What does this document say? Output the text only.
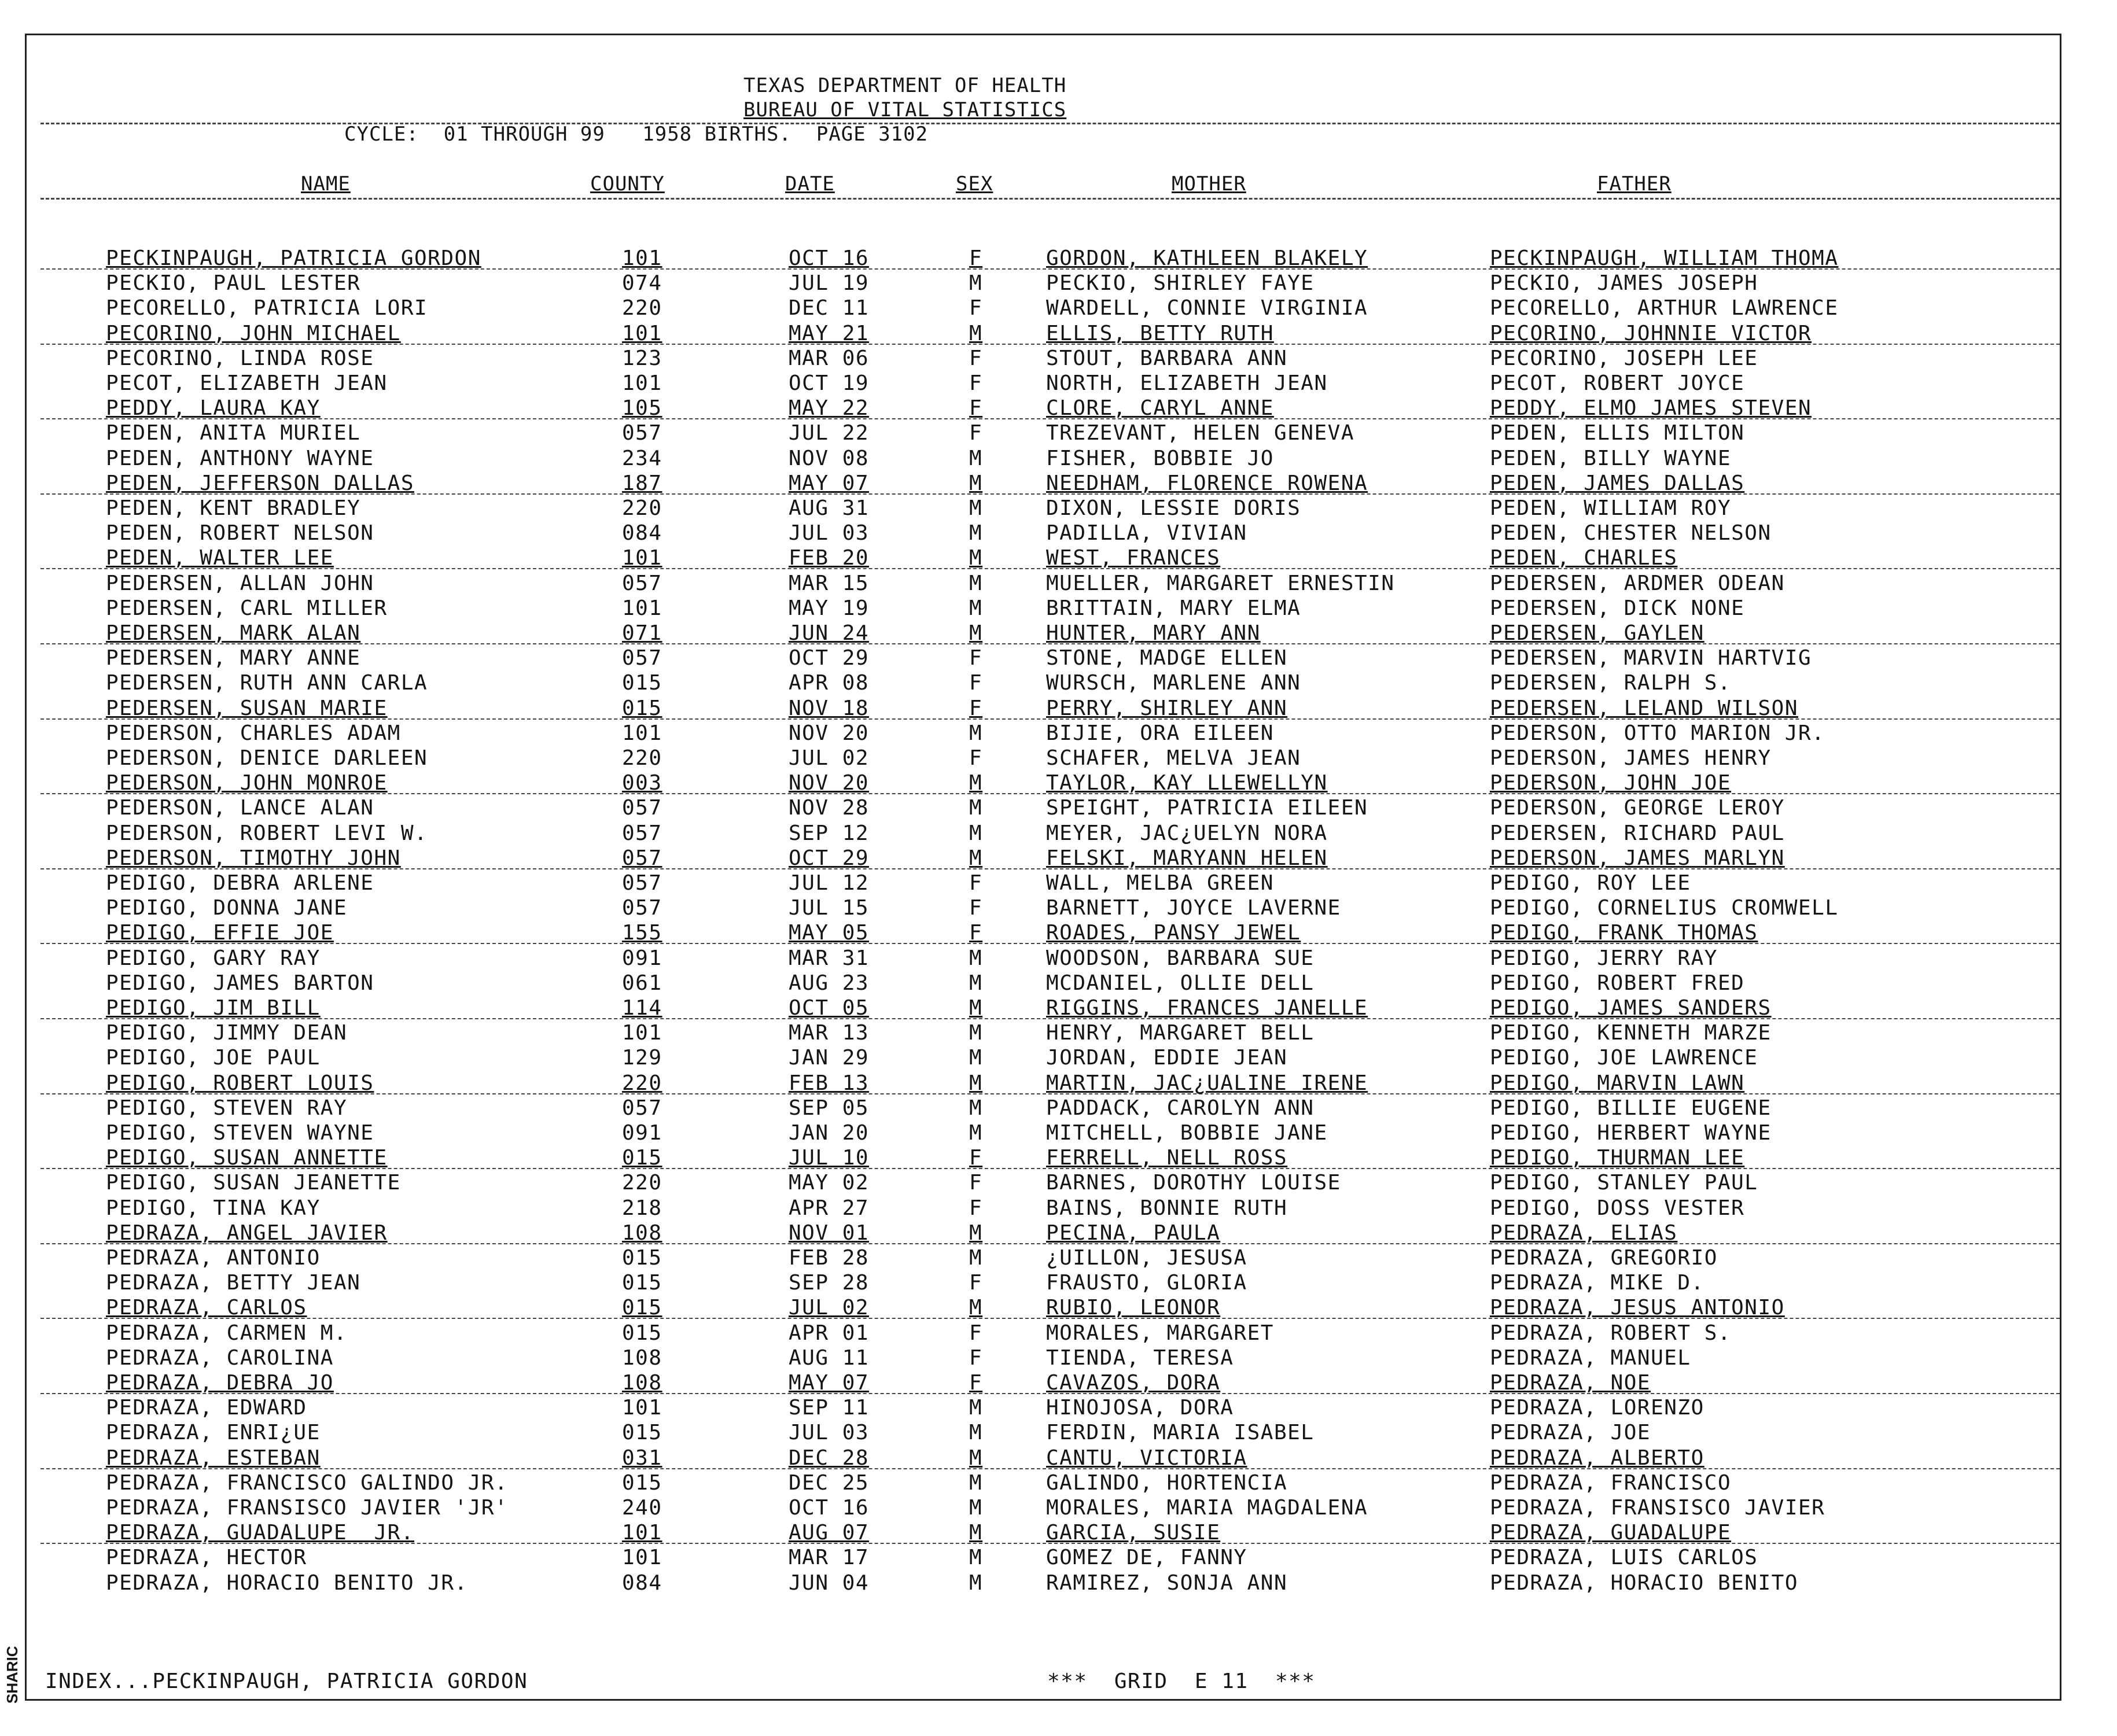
TEXAS DEPARTMENT OF HEALTH
BUREAU OF VITAL STATISTICS
CYCLE:  01 THROUGH 99   1958 BIRTHS.  PAGE 3102
NAME	COUNTY	DATE	SEX	MOTHER	FATHER
PECKINPAUGH, PATRICIA GORDON	101	OCT 16	F	GORDON, KATHLEEN BLAKELY	PECKINPAUGH, WILLIAM THOMA
PECKIO, PAUL LESTER	074	JUL 19	M	PECKIO, SHIRLEY FAYE	PECKIO, JAMES JOSEPH
PECORELLO, PATRICIA LORI	220	DEC 11	F	WARDELL, CONNIE VIRGINIA	PECORELLO, ARTHUR LAWRENCE
PECORINO, JOHN MICHAEL	101	MAY 21	M	ELLIS, BETTY RUTH	PECORINO, JOHNNIE VICTOR
PECORINO, LINDA ROSE	123	MAR 06	F	STOUT, BARBARA ANN	PECORINO, JOSEPH LEE
PECOT, ELIZABETH JEAN	101	OCT 19	F	NORTH, ELIZABETH JEAN	PECOT, ROBERT JOYCE
PEDDY, LAURA KAY	105	MAY 22	F	CLORE, CARYL ANNE	PEDDY, ELMO JAMES STEVEN
PEDEN, ANITA MURIEL	057	JUL 22	F	TREZEVANT, HELEN GENEVA	PEDEN, ELLIS MILTON
PEDEN, ANTHONY WAYNE	234	NOV 08	M	FISHER, BOBBIE JO	PEDEN, BILLY WAYNE
PEDEN, JEFFERSON DALLAS	187	MAY 07	M	NEEDHAM, FLORENCE ROWENA	PEDEN, JAMES DALLAS
PEDEN, KENT BRADLEY	220	AUG 31	M	DIXON, LESSIE DORIS	PEDEN, WILLIAM ROY
PEDEN, ROBERT NELSON	084	JUL 03	M	PADILLA, VIVIAN	PEDEN, CHESTER NELSON
PEDEN, WALTER LEE	101	FEB 20	M	WEST, FRANCES	PEDEN, CHARLES
PEDERSEN, ALLAN JOHN	057	MAR 15	M	MUELLER, MARGARET ERNESTIN	PEDERSEN, ARDMER ODEAN
PEDERSEN, CARL MILLER	101	MAY 19	M	BRITTAIN, MARY ELMA	PEDERSEN, DICK NONE
PEDERSEN, MARK ALAN	071	JUN 24	M	HUNTER, MARY ANN	PEDERSEN, GAYLEN
PEDERSEN, MARY ANNE	057	OCT 29	F	STONE, MADGE ELLEN	PEDERSEN, MARVIN HARTVIG
PEDERSEN, RUTH ANN CARLA	015	APR 08	F	WURSCH, MARLENE ANN	PEDERSEN, RALPH S.
PEDERSEN, SUSAN MARIE	015	NOV 18	F	PERRY, SHIRLEY ANN	PEDERSEN, LELAND WILSON
PEDERSON, CHARLES ADAM	101	NOV 20	M	BIJIE, ORA EILEEN	PEDERSON, OTTO MARION JR.
PEDERSON, DENICE DARLEEN	220	JUL 02	F	SCHAFER, MELVA JEAN	PEDERSON, JAMES HENRY
PEDERSON, JOHN MONROE	003	NOV 20	M	TAYLOR, KAY LLEWELLYN	PEDERSON, JOHN JOE
PEDERSON, LANCE ALAN	057	NOV 28	M	SPEIGHT, PATRICIA EILEEN	PEDERSON, GEORGE LEROY
PEDERSON, ROBERT LEVI W.	057	SEP 12	M	MEYER, JAC¿UELYN NORA	PEDERSEN, RICHARD PAUL
PEDERSON, TIMOTHY JOHN	057	OCT 29	M	FELSKI, MARYANN HELEN	PEDERSON, JAMES MARLYN
PEDIGO, DEBRA ARLENE	057	JUL 12	F	WALL, MELBA GREEN	PEDIGO, ROY LEE
PEDIGO, DONNA JANE	057	JUL 15	F	BARNETT, JOYCE LAVERNE	PEDIGO, CORNELIUS CROMWELL
PEDIGO, EFFIE JOE	155	MAY 05	F	ROADES, PANSY JEWEL	PEDIGO, FRANK THOMAS
PEDIGO, GARY RAY	091	MAR 31	M	WOODSON, BARBARA SUE	PEDIGO, JERRY RAY
PEDIGO, JAMES BARTON	061	AUG 23	M	MCDANIEL, OLLIE DELL	PEDIGO, ROBERT FRED
PEDIGO, JIM BILL	114	OCT 05	M	RIGGINS, FRANCES JANELLE	PEDIGO, JAMES SANDERS
PEDIGO, JIMMY DEAN	101	MAR 13	M	HENRY, MARGARET BELL	PEDIGO, KENNETH MARZE
PEDIGO, JOE PAUL	129	JAN 29	M	JORDAN, EDDIE JEAN	PEDIGO, JOE LAWRENCE
PEDIGO, ROBERT LOUIS	220	FEB 13	M	MARTIN, JAC¿UALINE IRENE	PEDIGO, MARVIN LAWN
PEDIGO, STEVEN RAY	057	SEP 05	M	PADDACK, CAROLYN ANN	PEDIGO, BILLIE EUGENE
PEDIGO, STEVEN WAYNE	091	JAN 20	M	MITCHELL, BOBBIE JANE	PEDIGO, HERBERT WAYNE
PEDIGO, SUSAN ANNETTE	015	JUL 10	F	FERRELL, NELL ROSS	PEDIGO, THURMAN LEE
PEDIGO, SUSAN JEANETTE	220	MAY 02	F	BARNES, DOROTHY LOUISE	PEDIGO, STANLEY PAUL
PEDIGO, TINA KAY	218	APR 27	F	BAINS, BONNIE RUTH	PEDIGO, DOSS VESTER
PEDRAZA, ANGEL JAVIER	108	NOV 01	M	PECINA, PAULA	PEDRAZA, ELIAS
PEDRAZA, ANTONIO	015	FEB 28	M	¿UILLON, JESUSA	PEDRAZA, GREGORIO
PEDRAZA, BETTY JEAN	015	SEP 28	F	FRAUSTO, GLORIA	PEDRAZA, MIKE D.
PEDRAZA, CARLOS	015	JUL 02	M	RUBIO, LEONOR	PEDRAZA, JESUS ANTONIO
PEDRAZA, CARMEN M.	015	APR 01	F	MORALES, MARGARET	PEDRAZA, ROBERT S.
PEDRAZA, CAROLINA	108	AUG 11	F	TIENDA, TERESA	PEDRAZA, MANUEL
PEDRAZA, DEBRA JO	108	MAY 07	F	CAVAZOS, DORA	PEDRAZA, NOE
PEDRAZA, EDWARD	101	SEP 11	M	HINOJOSA, DORA	PEDRAZA, LORENZO
PEDRAZA, ENRI¿UE	015	JUL 03	M	FERDIN, MARIA ISABEL	PEDRAZA, JOE
PEDRAZA, ESTEBAN	031	DEC 28	M	CANTU, VICTORIA	PEDRAZA, ALBERTO
PEDRAZA, FRANCISCO GALINDO JR.	015	DEC 25	M	GALINDO, HORTENCIA	PEDRAZA, FRANCISCO
PEDRAZA, FRANSISCO JAVIER 'JR'	240	OCT 16	M	MORALES, MARIA MAGDALENA	PEDRAZA, FRANSISCO JAVIER
PEDRAZA, GUADALUPE  JR.	101	AUG 07	M	GARCIA, SUSIE	PEDRAZA, GUADALUPE
PEDRAZA, HECTOR	101	MAR 17	M	GOMEZ DE, FANNY	PEDRAZA, LUIS CARLOS
PEDRAZA, HORACIO BENITO JR.	084	JUN 04	M	RAMIREZ, SONJA ANN	PEDRAZA, HORACIO BENITO
INDEX...PECKINPAUGH, PATRICIA GORDON	***  GRID  E 11  ***
SHARIC
